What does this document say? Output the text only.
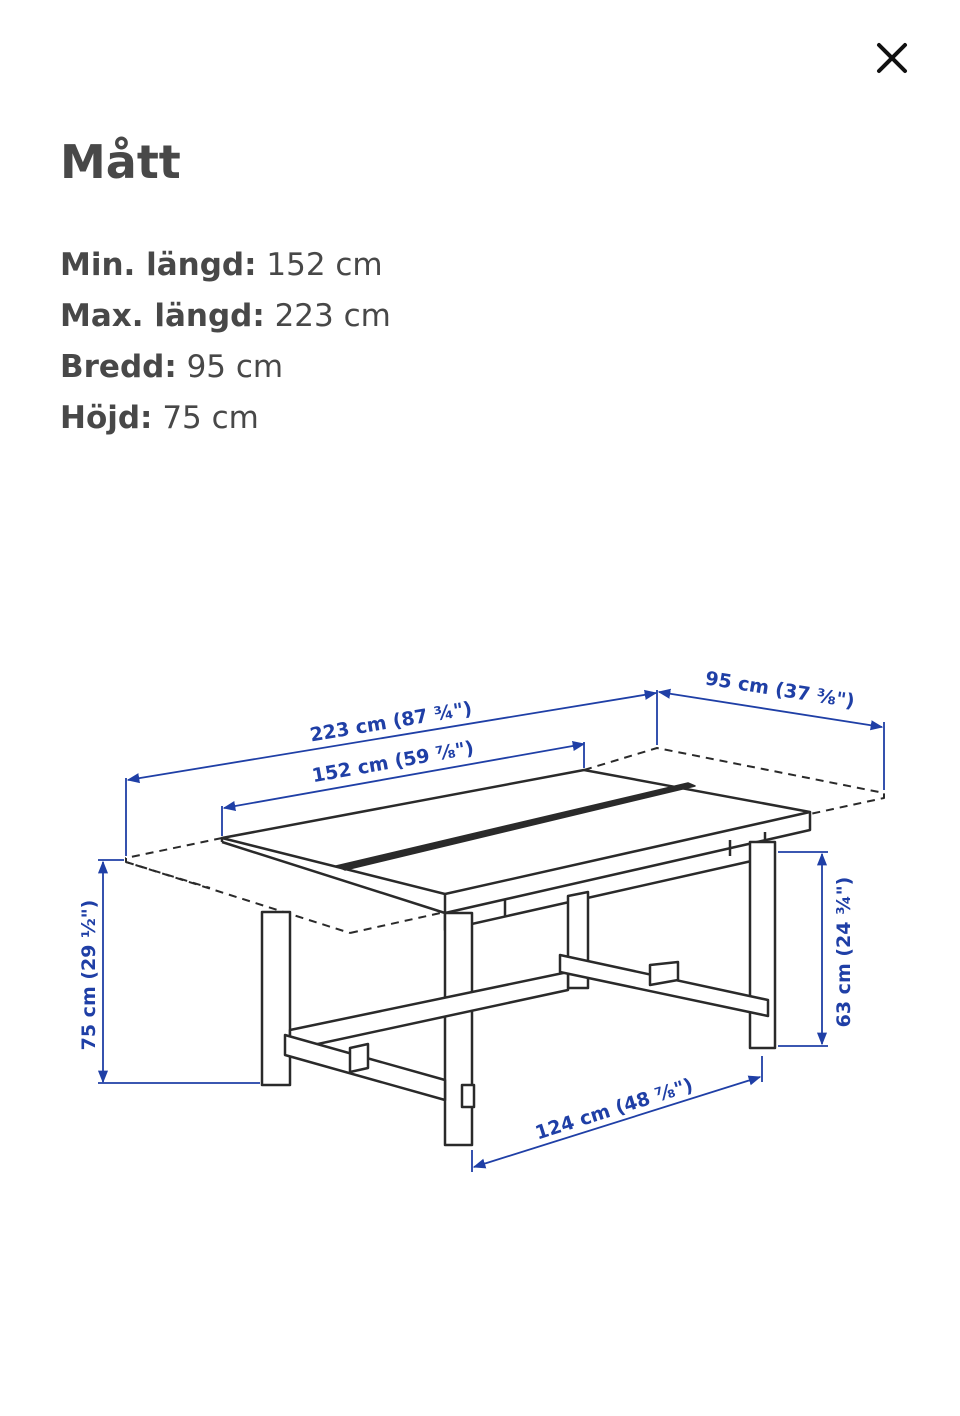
Mått
Min. längd: 152 cm
Max. längd: 223 cm
Bredd: 95 cm
Höjd: 75 cm
223 cm (87 ¾")
152 cm (59 ⅞")
95 cm (37 ⅜")
75 cm (29 ½")	63 cm (24 ¾")
124 cm (48 ⅞")
